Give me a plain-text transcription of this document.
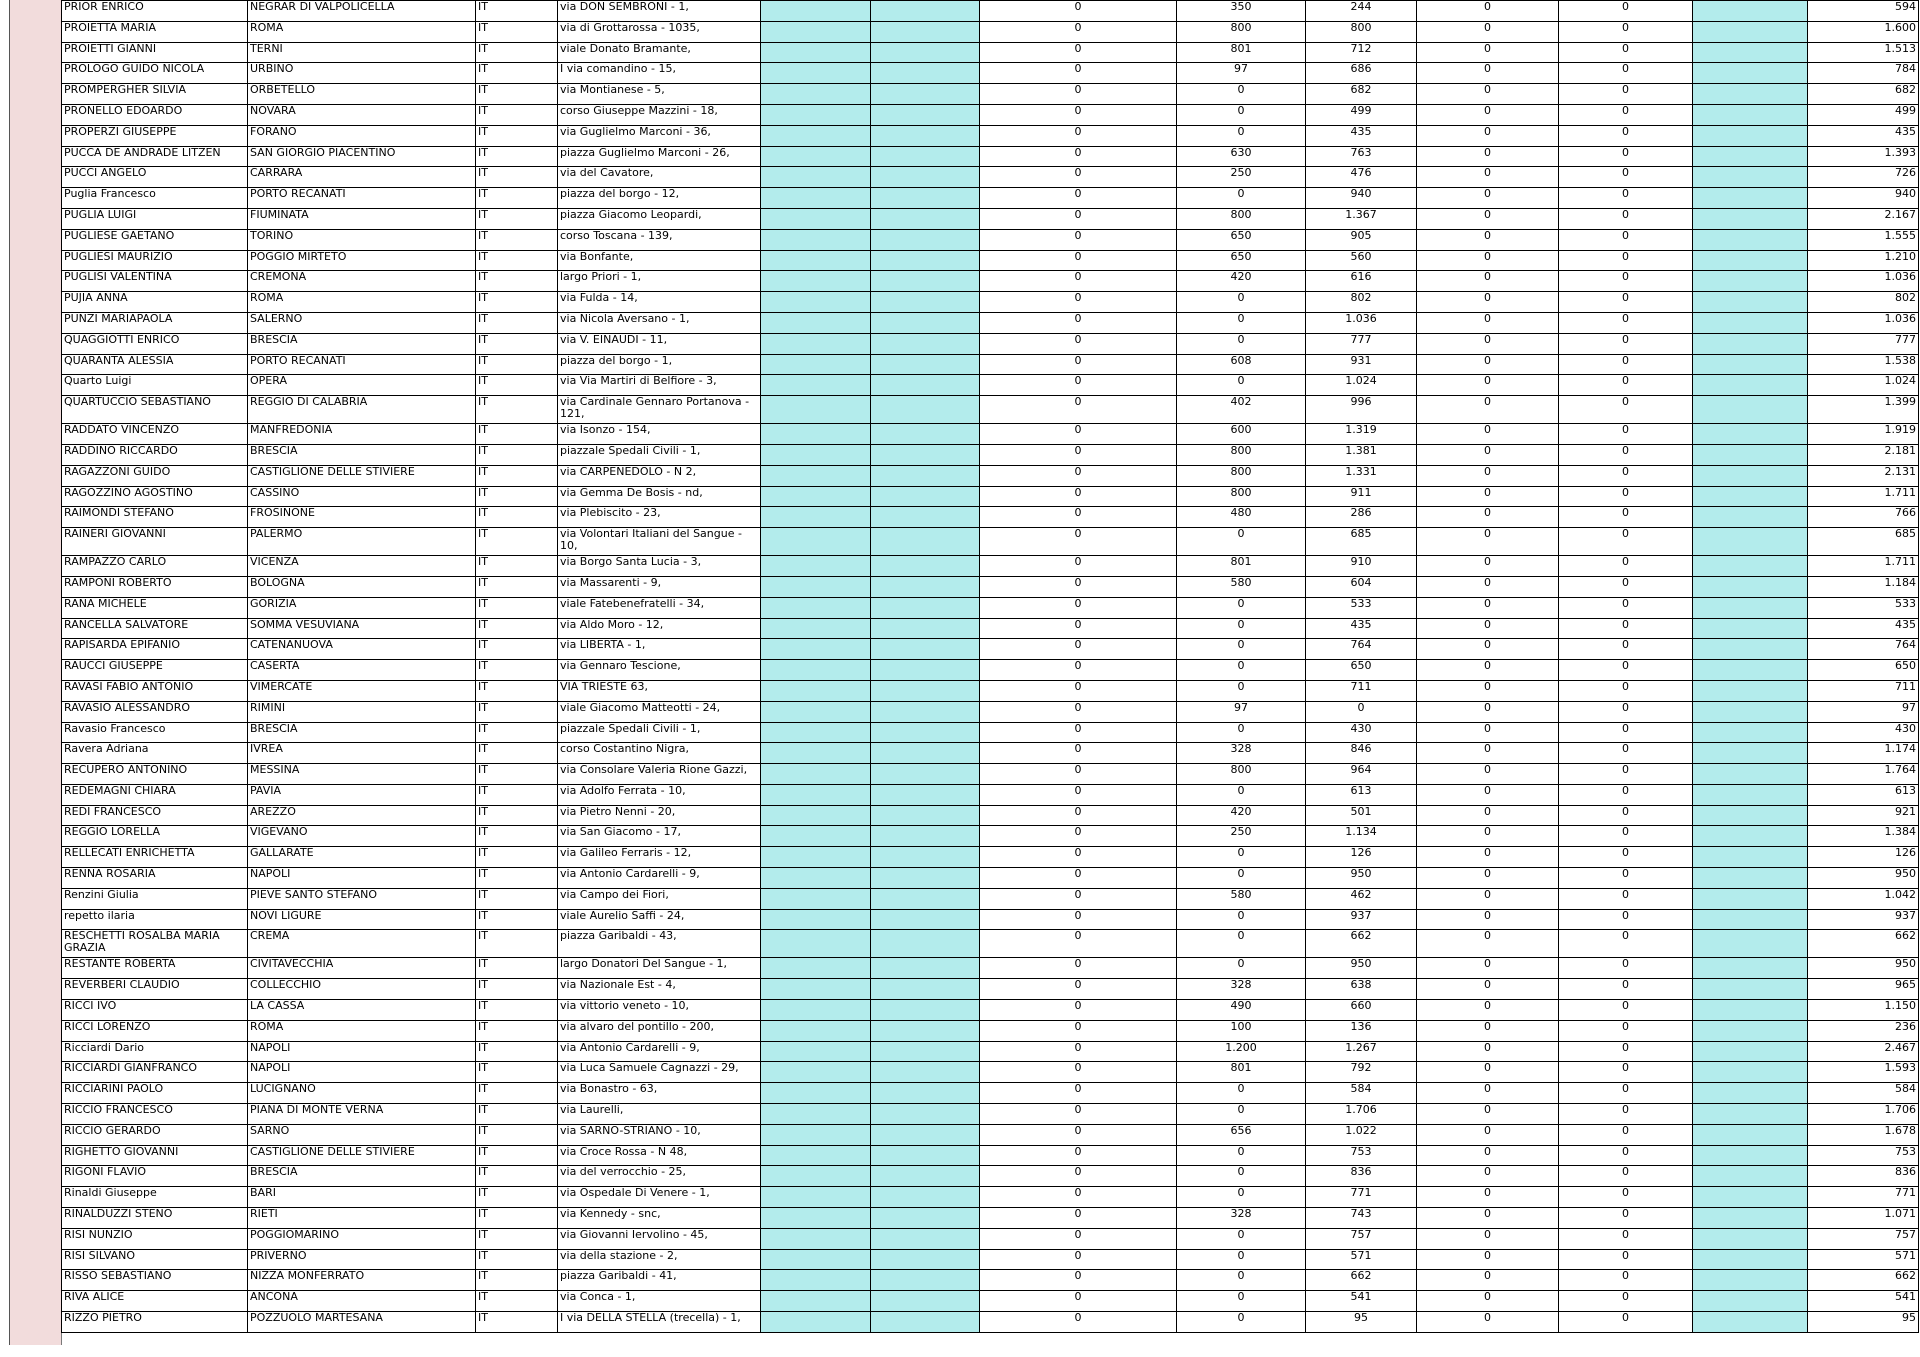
PRIOR ENRICO	NEGRAR DI VALPOLICELLA	IT	via DON SEMBRONI - 1,			0	350	244	0	0		594
PROIETTA MARIA	ROMA	IT	via di Grottarossa - 1035,			0	800	800	0	0		1.600
PROIETTI GIANNI	TERNI	IT	viale Donato Bramante,			0	801	712	0	0		1.513
PROLOGO GUIDO NICOLA	URBINO	IT	I via comandino - 15,			0	97	686	0	0		784
PROMPERGHER SILVIA	ORBETELLO	IT	via Montianese - 5,			0	0	682	0	0		682
PRONELLO EDOARDO	NOVARA	IT	corso Giuseppe Mazzini - 18,			0	0	499	0	0		499
PROPERZI GIUSEPPE	FORANO	IT	via Guglielmo Marconi - 36,			0	0	435	0	0		435
PUCCA DE ANDRADE LITZEN	SAN GIORGIO PIACENTINO	IT	piazza Guglielmo Marconi - 26,			0	630	763	0	0		1.393
PUCCI ANGELO	CARRARA	IT	via del Cavatore,			0	250	476	0	0		726
Puglia Francesco	PORTO RECANATI	IT	piazza del borgo - 12,			0	0	940	0	0		940
PUGLIA LUIGI	FIUMINATA	IT	piazza Giacomo Leopardi,			0	800	1.367	0	0		2.167
PUGLIESE GAETANO	TORINO	IT	corso Toscana - 139,			0	650	905	0	0		1.555
PUGLIESI MAURIZIO	POGGIO MIRTETO	IT	via Bonfante,			0	650	560	0	0		1.210
PUGLISI VALENTINA	CREMONA	IT	largo Priori - 1,			0	420	616	0	0		1.036
PUJIA ANNA	ROMA	IT	via Fulda - 14,			0	0	802	0	0		802
PUNZI MARIAPAOLA	SALERNO	IT	via Nicola Aversano - 1,			0	0	1.036	0	0		1.036
QUAGGIOTTI ENRICO	BRESCIA	IT	via V. EINAUDI - 11,			0	0	777	0	0		777
QUARANTA ALESSIA	PORTO RECANATI	IT	piazza del borgo - 1,			0	608	931	0	0		1.538
Quarto Luigi	OPERA	IT	via Via Martiri di Belfiore - 3,			0	0	1.024	0	0		1.024
QUARTUCCIO SEBASTIANO	REGGIO DI CALABRIA	IT	via Cardinale Gennaro Portanova - 121,			0	402	996	0	0		1.399
RADDATO VINCENZO	MANFREDONIA	IT	via Isonzo - 154,			0	600	1.319	0	0		1.919
RADDINO RICCARDO	BRESCIA	IT	piazzale Spedali Civili - 1,			0	800	1.381	0	0		2.181
RAGAZZONI GUIDO	CASTIGLIONE DELLE STIVIERE	IT	via CARPENEDOLO - N 2,			0	800	1.331	0	0		2.131
RAGOZZINO AGOSTINO	CASSINO	IT	via Gemma De Bosis - nd,			0	800	911	0	0		1.711
RAIMONDI STEFANO	FROSINONE	IT	via Plebiscito - 23,			0	480	286	0	0		766
RAINERI GIOVANNI	PALERMO	IT	via Volontari Italiani del Sangue - 10,			0	0	685	0	0		685
RAMPAZZO CARLO	VICENZA	IT	via Borgo Santa Lucia - 3,			0	801	910	0	0		1.711
RAMPONI ROBERTO	BOLOGNA	IT	via Massarenti - 9,			0	580	604	0	0		1.184
RANA MICHELE	GORIZIA	IT	viale Fatebenefratelli - 34,			0	0	533	0	0		533
RANCELLA SALVATORE	SOMMA VESUVIANA	IT	via Aldo Moro - 12,			0	0	435	0	0		435
RAPISARDA EPIFANIO	CATENANUOVA	IT	via LIBERTA - 1,			0	0	764	0	0		764
RAUCCI GIUSEPPE	CASERTA	IT	via Gennaro Tescione,			0	0	650	0	0		650
RAVASI FABIO ANTONIO	VIMERCATE	IT	VIA TRIESTE 63,			0	0	711	0	0		711
RAVASIO ALESSANDRO	RIMINI	IT	viale Giacomo Matteotti - 24,			0	97	0	0	0		97
Ravasio Francesco	BRESCIA	IT	piazzale Spedali Civili - 1,			0	0	430	0	0		430
Ravera Adriana	IVREA	IT	corso Costantino Nigra,			0	328	846	0	0		1.174
RECUPERO ANTONINO	MESSINA	IT	via Consolare Valeria Rione Gazzi,			0	800	964	0	0		1.764
REDEMAGNI CHIARA	PAVIA	IT	via Adolfo Ferrata - 10,			0	0	613	0	0		613
REDI FRANCESCO	AREZZO	IT	via Pietro Nenni - 20,			0	420	501	0	0		921
REGGIO LORELLA	VIGEVANO	IT	via San Giacomo - 17,			0	250	1.134	0	0		1.384
RELLECATI ENRICHETTA	GALLARATE	IT	via Galileo Ferraris - 12,			0	0	126	0	0		126
RENNA ROSARIA	NAPOLI	IT	via Antonio Cardarelli - 9,			0	0	950	0	0		950
Renzini Giulia	PIEVE SANTO STEFANO	IT	via Campo dei Fiori,			0	580	462	0	0		1.042
repetto ilaria	NOVI LIGURE	IT	viale Aurelio Saffi - 24,			0	0	937	0	0		937
RESCHETTI ROSALBA MARIA GRAZIA	CREMA	IT	piazza Garibaldi - 43,			0	0	662	0	0		662
RESTANTE ROBERTA	CIVITAVECCHIA	IT	largo Donatori Del Sangue - 1,			0	0	950	0	0		950
REVERBERI CLAUDIO	COLLECCHIO	IT	via Nazionale Est - 4,			0	328	638	0	0		965
RICCI IVO	LA CASSA	IT	via vittorio veneto - 10,			0	490	660	0	0		1.150
RICCI LORENZO	ROMA	IT	via alvaro del pontillo - 200,			0	100	136	0	0		236
Ricciardi Dario	NAPOLI	IT	via Antonio Cardarelli - 9,			0	1.200	1.267	0	0		2.467
RICCIARDI GIANFRANCO	NAPOLI	IT	via Luca Samuele Cagnazzi - 29,			0	801	792	0	0		1.593
RICCIARINI PAOLO	LUCIGNANO	IT	via Bonastro - 63,			0	0	584	0	0		584
RICCIO FRANCESCO	PIANA DI MONTE VERNA	IT	via Laurelli,			0	0	1.706	0	0		1.706
RICCIO GERARDO	SARNO	IT	via SARNO-STRIANO - 10,			0	656	1.022	0	0		1.678
RIGHETTO GIOVANNI	CASTIGLIONE DELLE STIVIERE	IT	via Croce Rossa - N 48,			0	0	753	0	0		753
RIGONI FLAVIO	BRESCIA	IT	via del verrocchio - 25,			0	0	836	0	0		836
Rinaldi Giuseppe	BARI	IT	via Ospedale Di Venere - 1,			0	0	771	0	0		771
RINALDUZZI STENO	RIETI	IT	via Kennedy - snc,			0	328	743	0	0		1.071
RISI NUNZIO	POGGIOMARINO	IT	via Giovanni Iervolino - 45,			0	0	757	0	0		757
RISI SILVANO	PRIVERNO	IT	via della stazione - 2,			0	0	571	0	0		571
RISSO SEBASTIANO	NIZZA MONFERRATO	IT	piazza Garibaldi - 41,			0	0	662	0	0		662
RIVA ALICE	ANCONA	IT	via Conca - 1,			0	0	541	0	0		541
RIZZO PIETRO	POZZUOLO MARTESANA	IT	I via DELLA STELLA (trecella) - 1,			0	0	95	0	0		95
